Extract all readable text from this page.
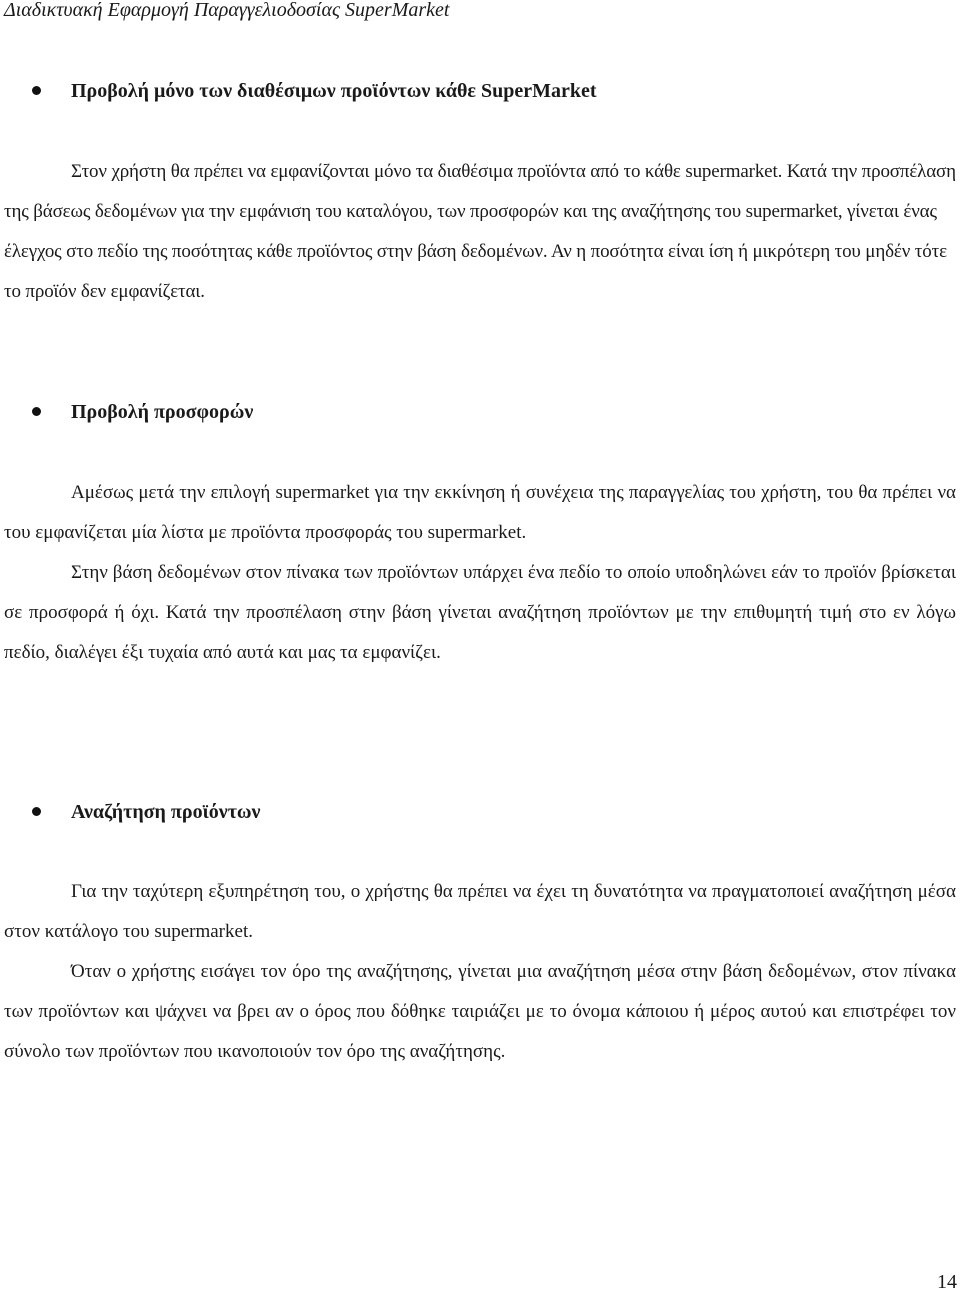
Διαδικτυακή Εφαρμογή Παραγγελιοδοσίας SuperMarket
Προβολή μόνο των διαθέσιμων προϊόντων κάθε SuperMarket

Στον χρήστη θα πρέπει να εμφανίζονται μόνο τα διαθέσιμα προϊόντα από το κάθε supermarket. Κατά την προσπέλαση της βάσεως δεδομένων για την εμφάνιση του καταλόγου, των προσφορών και της αναζήτησης του supermarket, γίνεται ένας έλεγχος στο πεδίο της ποσότητας κάθε προϊόντος στην βάση δεδομένων. Αν η ποσότητα είναι ίση ή μικρότερη του μηδέν τότε το προϊόν δεν εμφανίζεται.

Προβολή προσφορών

Αμέσως μετά την επιλογή supermarket για την εκκίνηση ή συνέχεια της παραγγελίας του χρήστη, του θα πρέπει να του εμφανίζεται μία λίστα με προϊόντα προσφοράς του supermarket.

Στην βάση δεδομένων στον πίνακα των προϊόντων υπάρχει ένα πεδίο το οποίο υποδηλώνει εάν το προϊόν βρίσκεται σε προσφορά ή όχι. Κατά την προσπέλαση στην βάση γίνεται αναζήτηση προϊόντων με την επιθυμητή τιμή στο εν λόγω πεδίο, διαλέγει έξι τυχαία από αυτά και μας τα εμφανίζει.

Αναζήτηση προϊόντων

Για την ταχύτερη εξυπηρέτηση του, ο χρήστης θα πρέπει να έχει τη δυνατότητα να πραγματοποιεί αναζήτηση μέσα στον κατάλογο του supermarket.

Όταν ο χρήστης εισάγει τον όρο της αναζήτησης, γίνεται μια αναζήτηση μέσα στην βάση δεδομένων, στον πίνακα των προϊόντων και ψάχνει να βρει αν ο όρος που δόθηκε ταιριάζει με το όνομα κάποιου ή μέρος αυτού και επιστρέφει τον σύνολο των προϊόντων που ικανοποιούν τον όρο της αναζήτησης.

14
